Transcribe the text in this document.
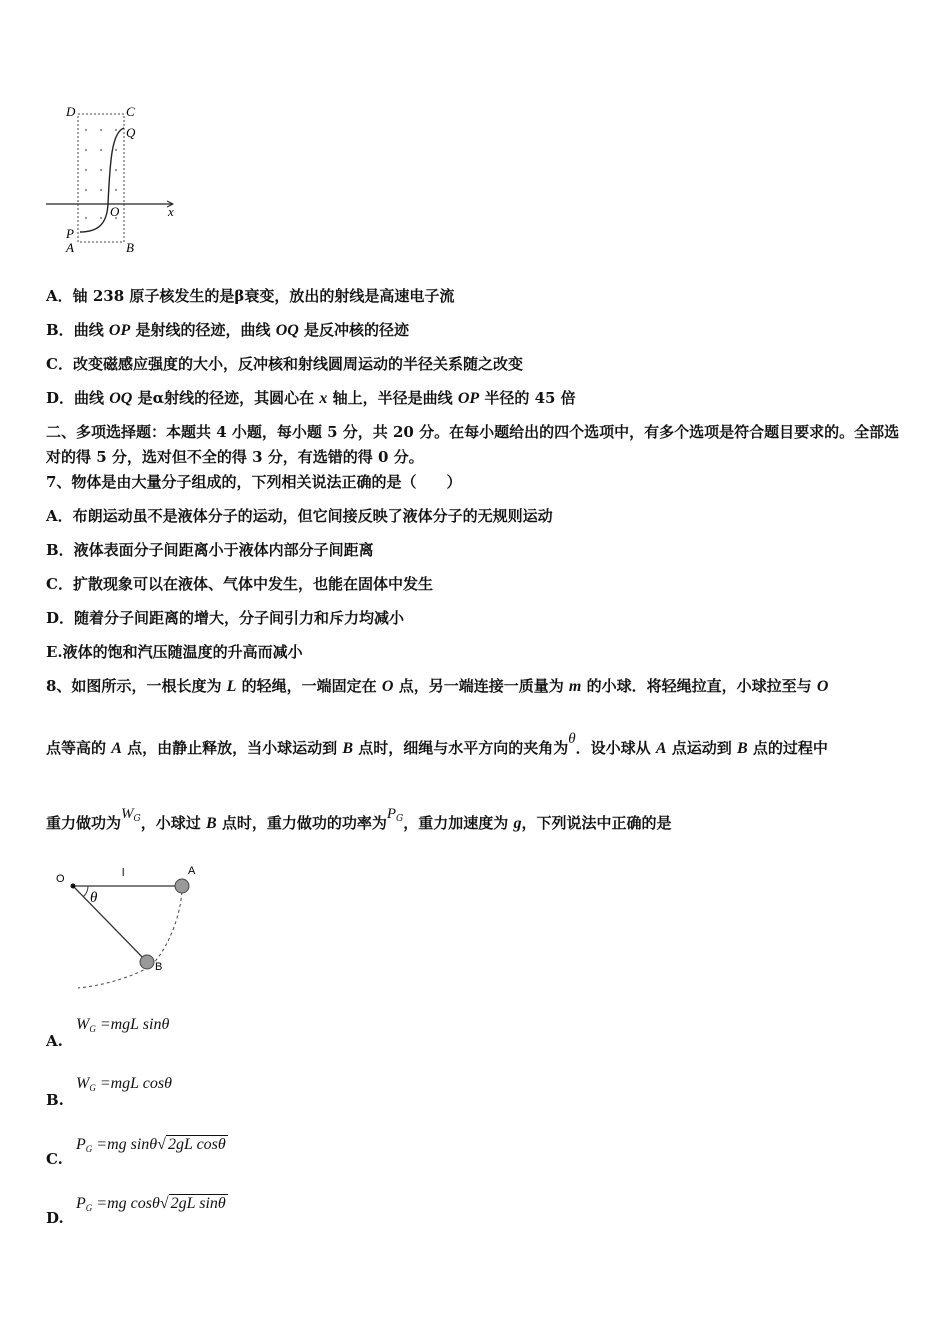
D	C
Q
O	x
P
A	B
A．铀 238 原子核发生的是β衰变，放出的射线是高速电子流
B．曲线 OP 是射线的径迹，曲线 OQ 是反冲核的径迹
C．改变磁感应强度的大小，反冲核和射线圆周运动的半径关系随之改变
D．曲线 OQ 是α射线的径迹，其圆心在 x 轴上，半径是曲线 OP 半径的 45 倍
二、多项选择题：本题共 4 小题，每小题 5 分，共 20 分。在每小题给出的四个选项中，有多个选项是符合题目要求的。全部选对的得 5 分，选对但不全的得 3 分，有选错的得 0 分。
7、物体是由大量分子组成的，下列相关说法正确的是（　　）
A．布朗运动虽不是液体分子的运动，但它间接反映了液体分子的无规则运动
B．液体表面分子间距离小于液体内部分子间距离
C．扩散现象可以在液体、气体中发生，也能在固体中发生
D．随着分子间距离的增大，分子间引力和斥力均减小
E.液体的饱和汽压随温度的升高而减小
8、如图所示，一根长度为 L 的轻绳，一端固定在 O 点，另一端连接一质量为 m 的小球．将轻绳拉直，小球拉至与 O
点等高的 A 点，由静止释放，当小球运动到 B 点时，细绳与水平方向的夹角为θ．设小球从 A 点运动到 B 点的过程中
重力做功为$W^G$，小球过 B 点时，重力做功的功率为$P^G$，重力加速度为 g，下列说法中正确的是
O	l	A
B
θ
A.
$W_G =mgL$ sinθ
B.
$W_G =mgL$ cosθ
C.
$P_G =mg$ sinθ√ 2gL cosθ
D.
$P_G =mg$ cosθ√ 2gL sinθ
